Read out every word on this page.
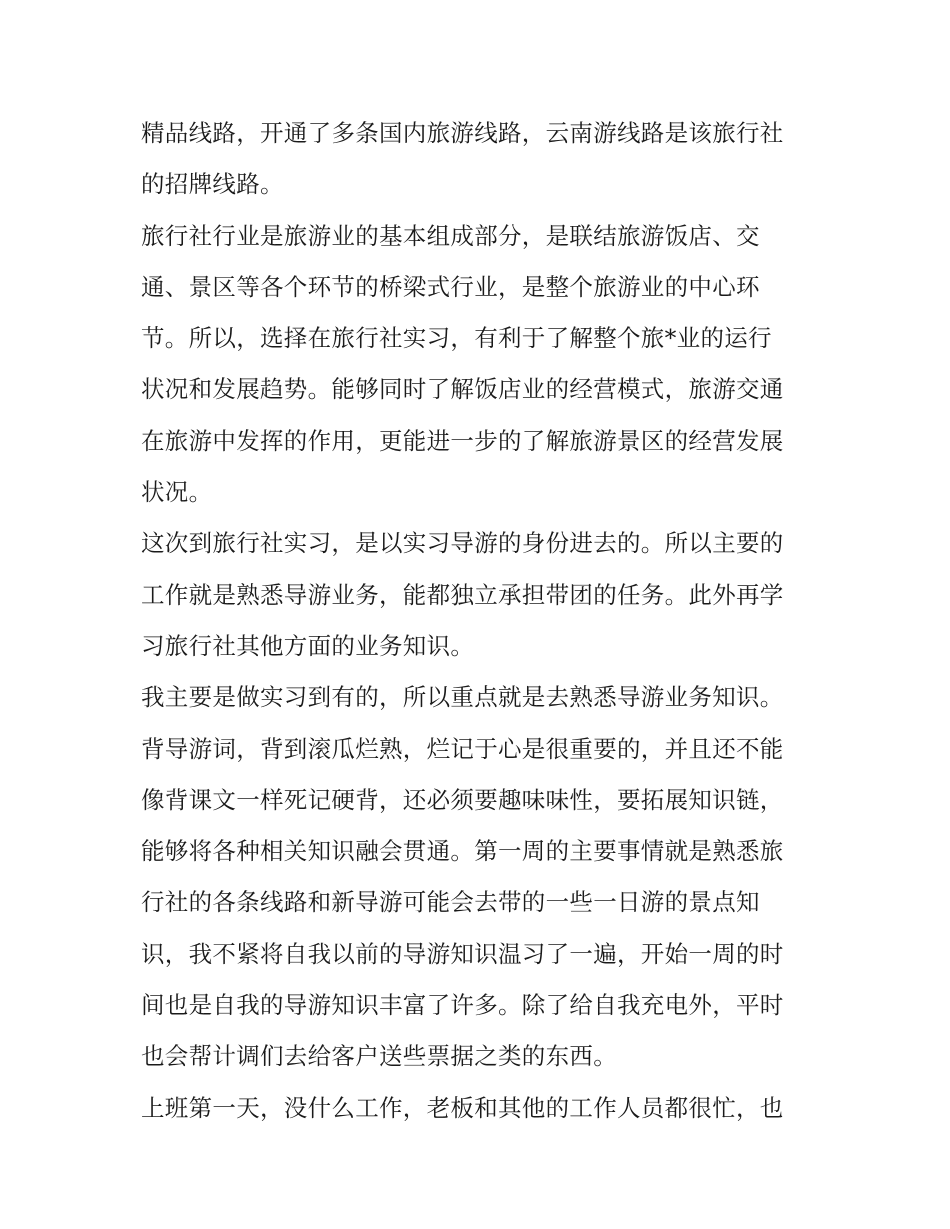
精品线路，开通了多条国内旅游线路，云南游线路是该旅行社
的招牌线路。
旅行社行业是旅游业的基本组成部分，是联结旅游饭店、交
通、景区等各个环节的桥梁式行业，是整个旅游业的中心环
节。所以，选择在旅行社实习，有利于了解整个旅*业的运行
状况和发展趋势。能够同时了解饭店业的经营模式，旅游交通
在旅游中发挥的作用，更能进一步的了解旅游景区的经营发展
状况。
这次到旅行社实习，是以实习导游的身份进去的。所以主要的
工作就是熟悉导游业务，能都独立承担带团的任务。此外再学
习旅行社其他方面的业务知识。
我主要是做实习到有的，所以重点就是去熟悉导游业务知识。
背导游词，背到滚瓜烂熟，烂记于心是很重要的，并且还不能
像背课文一样死记硬背，还必须要趣味味性，要拓展知识链，
能够将各种相关知识融会贯通。第一周的主要事情就是熟悉旅
行社的各条线路和新导游可能会去带的一些一日游的景点知
识，我不紧将自我以前的导游知识温习了一遍，开始一周的时
间也是自我的导游知识丰富了许多。除了给自我充电外，平时
也会帮计调们去给客户送些票据之类的东西。
上班第一天，没什么工作，老板和其他的工作人员都很忙，也
